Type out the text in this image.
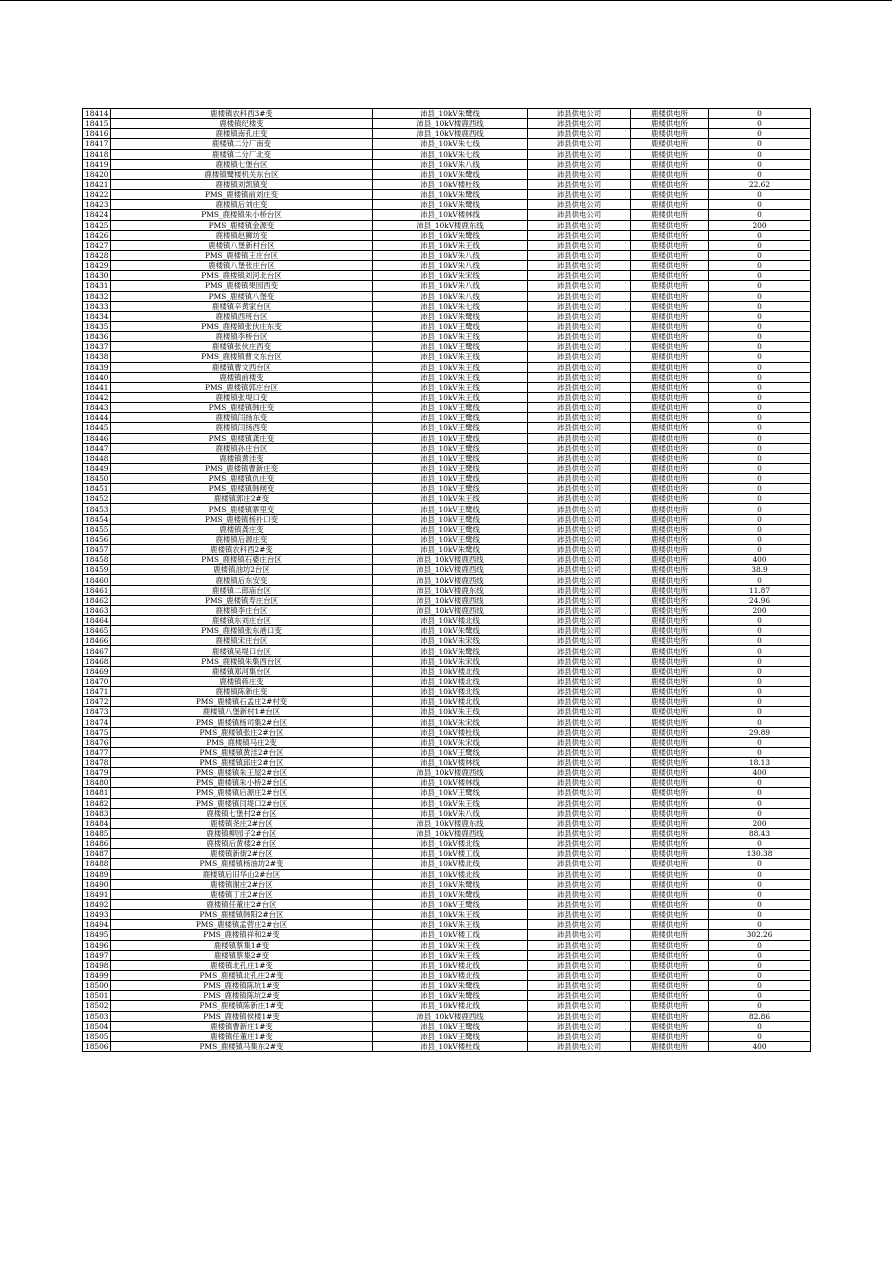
18414	鹿楼镇农科西3#变	沛县_10kV朱鹭线	沛县供电公司	鹿楼供电所	0
18415	鹿楼镇纪楼变	沛县_10kV楼鹿西线	沛县供电公司	鹿楼供电所	0
18416	鹿楼镇南孔庄变	沛县_10kV楼鹿西线	沛县供电公司	鹿楼供电所	0
18417	鹿楼镇二分厂南变	沛县_10kV朱七线	沛县供电公司	鹿楼供电所	0
18418	鹿楼镇二分厂北变	沛县_10kV朱七线	沛县供电公司	鹿楼供电所	0
18419	鹿楼镇七堡台区	沛县_10kV朱八线	沛县供电公司	鹿楼供电所	0
18420	鹿楼镇鹭楼机关东台区	沛县_10kV朱鹭线	沛县供电公司	鹿楼供电所	0
18421	鹿楼镇刘凯镇变	沛县_10kV楼杜线	沛县供电公司	鹿楼供电所	22.62
18422	PMS_鹿楼镇前刘庄变	沛县_10kV朱鹭线	沛县供电公司	鹿楼供电所	0
18423	鹿楼镇后刘庄变	沛县_10kV朱鹭线	沛县供电公司	鹿楼供电所	0
18424	PMS_鹿楼镇朱小桥台区	沛县_10kV楼林线	沛县供电公司	鹿楼供电所	0
18425	PMS_鹿楼镇金源变	沛县_10kV楼鹿东线	沛县供电公司	鹿楼供电所	200
18426	鹿楼镇赵狮坊变	沛县_10kV朱鹭线	沛县供电公司	鹿楼供电所	0
18427	鹿楼镇八堡新村台区	沛县_10kV朱王线	沛县供电公司	鹿楼供电所	0
18428	PMS_鹿楼镇王庄台区	沛县_10kV朱八线	沛县供电公司	鹿楼供电所	0
18429	鹿楼镇八堡张庄台区	沛县_10kV朱八线	沛县供电公司	鹿楼供电所	0
18430	PMS_鹿楼镇刘河北台区	沛县_10kV朱宋线	沛县供电公司	鹿楼供电所	0
18431	PMS_鹿楼镇果园西变	沛县_10kV朱八线	沛县供电公司	鹿楼供电所	0
18432	PMS_鹿楼镇八堡变	沛县_10kV朱八线	沛县供电公司	鹿楼供电所	0
18433	鹿楼镇辛黄家台区	沛县_10kV朱七线	沛县供电公司	鹿楼供电所	0
18434	鹿楼镇西班台区	沛县_10kV朱鹭线	沛县供电公司	鹿楼供电所	0
18435	PMS_鹿楼镇张伙庄东变	沛县_10kV王鹭线	沛县供电公司	鹿楼供电所	0
18436	鹿楼镇李桥台区	沛县_10kV朱王线	沛县供电公司	鹿楼供电所	0
18437	鹿楼镇张伙庄西变	沛县_10kV王鹭线	沛县供电公司	鹿楼供电所	0
18438	PMS_鹿楼镇曹文东台区	沛县_10kV朱王线	沛县供电公司	鹿楼供电所	0
18439	鹿楼镇曹文西台区	沛县_10kV朱王线	沛县供电公司	鹿楼供电所	0
18440	鹿楼镇前楼变	沛县_10kV朱王线	沛县供电公司	鹿楼供电所	0
18441	PMS_鹿楼镇郭庄台区	沛县_10kV朱王线	沛县供电公司	鹿楼供电所	0
18442	鹿楼镇张堤口变	沛县_10kV朱王线	沛县供电公司	鹿楼供电所	0
18443	PMS_鹿楼镇韩庄变	沛县_10kV王鹭线	沛县供电公司	鹿楼供电所	0
18444	鹿楼镇闫扬东变	沛县_10kV王鹭线	沛县供电公司	鹿楼供电所	0
18445	鹿楼镇闫扬西变	沛县_10kV王鹭线	沛县供电公司	鹿楼供电所	0
18446	PMS_鹿楼镇龚庄变	沛县_10kV王鹭线	沛县供电公司	鹿楼供电所	0
18447	鹿楼镇孙庄台区	沛县_10kV王鹭线	沛县供电公司	鹿楼供电所	0
18448	鹿楼镇黄洼变	沛县_10kV王鹭线	沛县供电公司	鹿楼供电所	0
18449	PMS_鹿楼镇曹新庄变	沛县_10kV王鹭线	沛县供电公司	鹿楼供电所	0
18450	PMS_鹿楼镇仇庄变	沛县_10kV王鹭线	沛县供电公司	鹿楼供电所	0
18451	PMS_鹿楼镇韩闸变	沛县_10kV王鹭线	沛县供电公司	鹿楼供电所	0
18452	鹿楼镇郭庄2#变	沛县_10kV朱王线	沛县供电公司	鹿楼供电所	0
18453	PMS_鹿楼镇寨里变	沛县_10kV王鹭线	沛县供电公司	鹿楼供电所	0
18454	PMS_鹿楼镇杨扑口变	沛县_10kV王鹭线	沛县供电公司	鹿楼供电所	0
18455	鹿楼镇龚庄变	沛县_10kV王鹭线	沛县供电公司	鹿楼供电所	0
18456	鹿楼镇后源庄变	沛县_10kV王鹭线	沛县供电公司	鹿楼供电所	0
18457	鹿楼镇农科西2#变	沛县_10kV朱鹭线	沛县供电公司	鹿楼供电所	0
18458	PMS_鹿楼镇石婆庄台区	沛县_10kV楼鹿西线	沛县供电公司	鹿楼供电所	400
18459	鹿楼镇油坊2台区	沛县_10kV楼鹿西线	沛县供电公司	鹿楼供电所	38.9
18460	鹿楼镇后东安变	沛县_10kV楼鹿西线	沛县供电公司	鹿楼供电所	0
18461	鹿楼镇二郎庙台区	沛县_10kV楼鹿东线	沛县供电公司	鹿楼供电所	11.87
18462	PMS_鹿楼镇寿庄台区	沛县_10kV楼鹿西线	沛县供电公司	鹿楼供电所	24.96
18463	鹿楼镇李庄台区	沛县_10kV楼鹿西线	沛县供电公司	鹿楼供电所	200
18464	鹿楼镇东刘庄台区	沛县_10kV楼北线	沛县供电公司	鹿楼供电所	0
18465	PMS_鹿楼镇张东港口变	沛县_10kV朱鹭线	沛县供电公司	鹿楼供电所	0
18466	鹿楼镇宋庄台区	沛县_10kV朱宋线	沛县供电公司	鹿楼供电所	0
18467	鹿楼镇吴堤口台区	沛县_10kV朱鹭线	沛县供电公司	鹿楼供电所	0
18468	PMS_鹿楼镇朱集西台区	沛县_10kV朱宋线	沛县供电公司	鹿楼供电所	0
18469	鹿楼镇郑河集台区	沛县_10kV楼北线	沛县供电公司	鹿楼供电所	0
18470	鹿楼镇蒋庄变	沛县_10kV楼北线	沛县供电公司	鹿楼供电所	0
18471	鹿楼镇陈新庄变	沛县_10kV楼北线	沛县供电公司	鹿楼供电所	0
18472	PMS_鹿楼镇石孟庄2#村变	沛县_10kV楼北线	沛县供电公司	鹿楼供电所	0
18473	鹿楼镇八堡新村1#台区	沛县_10kV朱王线	沛县供电公司	鹿楼供电所	0
18474	PMS_鹿楼镇杨司集2#台区	沛县_10kV朱宋线	沛县供电公司	鹿楼供电所	0
18475	PMS_鹿楼镇张庄2#台区	沛县_10kV楼杜线	沛县供电公司	鹿楼供电所	29.89
18476	PMS_鹿楼镇马庄2变	沛县_10kV朱宋线	沛县供电公司	鹿楼供电所	0
18477	PMS_鹿楼镇黄洼2#台区	沛县_10kV王鹭线	沛县供电公司	鹿楼供电所	0
18478	PMS_鹿楼镇邱庄2#台区	沛县_10kV楼林线	沛县供电公司	鹿楼供电所	18.13
18479	PMS_鹿楼镇朱王屋2#台区	沛县_10kV楼鹿西线	沛县供电公司	鹿楼供电所	400
18480	PMS_鹿楼镇朱小桥2#台区	沛县_10kV楼林线	沛县供电公司	鹿楼供电所	0
18481	PMS_鹿楼镇后源庄2#台区	沛县_10kV王鹭线	沛县供电公司	鹿楼供电所	0
18482	PMS_鹿楼镇闫堤口2#台区	沛县_10kV朱王线	沛县供电公司	鹿楼供电所	0
18483	鹿楼镇七堡村2#台区	沛县_10kV朱八线	沛县供电公司	鹿楼供电所	0
18484	鹿楼镇尧庄2#台区	沛县_10kV楼鹿东线	沛县供电公司	鹿楼供电所	200
18485	鹿楼镇柳园子2#台区	沛县_10kV楼鹿西线	沛县供电公司	鹿楼供电所	88.43
18486	鹿楼镇后黄楼2#台区	沛县_10kV楼北线	沛县供电公司	鹿楼供电所	0
18487	鹿楼镇新街2#台区	沛县_10kV楼工线	沛县供电公司	鹿楼供电所	130.38
18488	PMS_鹿楼镇杨油坊2#变	沛县_10kV楼北线	沛县供电公司	鹿楼供电所	0
18489	鹿楼镇后旧华山2#台区	沛县_10kV楼北线	沛县供电公司	鹿楼供电所	0
18490	鹿楼镇谢庄2#台区	沛县_10kV朱鹭线	沛县供电公司	鹿楼供电所	0
18491	鹿楼镇丁庄2#台区	沛县_10kV朱鹭线	沛县供电公司	鹿楼供电所	0
18492	鹿楼镇任董庄2#台区	沛县_10kV王鹭线	沛县供电公司	鹿楼供电所	0
18493	PMS_鹿楼镇韩阳2#台区	沛县_10kV朱王线	沛县供电公司	鹿楼供电所	0
18494	PMS_鹿楼镇孟营庄2#台区	沛县_10kV朱王线	沛县供电公司	鹿楼供电所	0
18495	PMS_鹿楼镇祥和2#变	沛县_10kV楼工线	沛县供电公司	鹿楼供电所	302.26
18496	鹿楼镇蔡集1#变	沛县_10kV朱王线	沛县供电公司	鹿楼供电所	0
18497	鹿楼镇蔡集2#变	沛县_10kV朱王线	沛县供电公司	鹿楼供电所	0
18498	鹿楼镇北孔庄1#变	沛县_10kV楼北线	沛县供电公司	鹿楼供电所	0
18499	PMS_鹿楼镇北孔庄2#变	沛县_10kV楼北线	沛县供电公司	鹿楼供电所	0
18500	PMS_鹿楼镇陈坑1#变	沛县_10kV朱鹭线	沛县供电公司	鹿楼供电所	0
18501	PMS_鹿楼镇陈坑2#变	沛县_10kV朱鹭线	沛县供电公司	鹿楼供电所	0
18502	PMS_鹿楼镇陈新庄1#变	沛县_10kV楼北线	沛县供电公司	鹿楼供电所	0
18503	PMS_鹿楼镇侯楼1#变	沛县_10kV楼鹿西线	沛县供电公司	鹿楼供电所	82.86
18504	鹿楼镇曹新庄1#变	沛县_10kV王鹭线	沛县供电公司	鹿楼供电所	0
18505	鹿楼镇任董庄1#变	沛县_10kV王鹭线	沛县供电公司	鹿楼供电所	0
18506	PMS_鹿楼镇马集东2#变	沛县_10kV楼杜线	沛县供电公司	鹿楼供电所	400
